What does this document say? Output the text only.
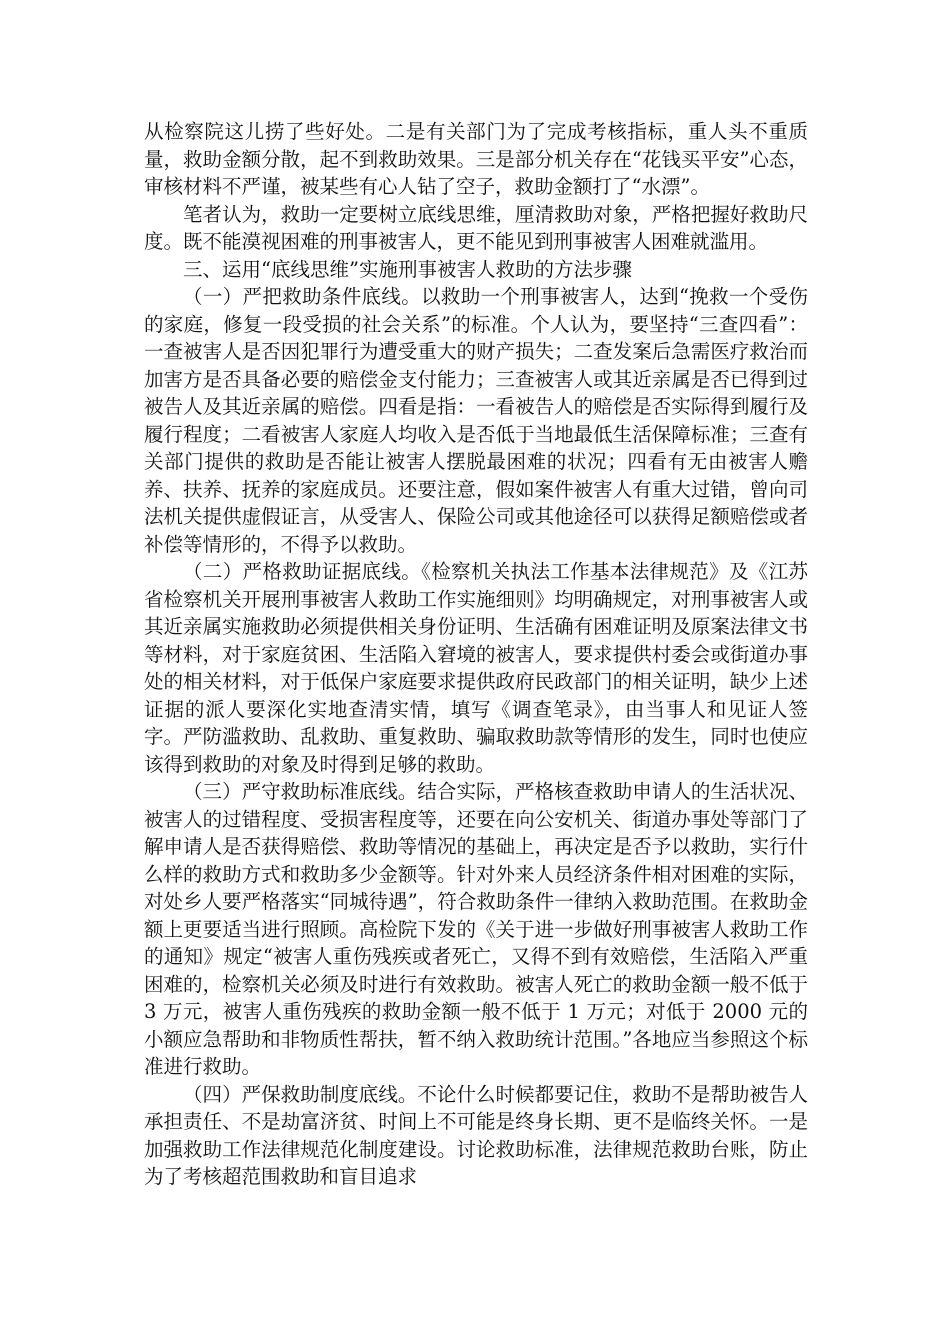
从检察院这儿捞了些好处。二是有关部门为了完成考核指标，重人头不重质量，救助金额分散，起不到救助效果。三是部分机关存在“花钱买平安”心态，审核材料不严谨，被某些有心人钻了空子，救助金额打了“水漂”。

笔者认为，救助一定要树立底线思维，厘清救助对象，严格把握好救助尺度。既不能漠视困难的刑事被害人，更不能见到刑事被害人困难就滥用。

三、运用“底线思维”实施刑事被害人救助的方法步骤

（一）严把救助条件底线。以救助一个刑事被害人，达到“挽救一个受伤的家庭，修复一段受损的社会关系”的标准。个人认为，要坚持“三查四看”：一查被害人是否因犯罪行为遭受重大的财产损失；二查发案后急需医疗救治而加害方是否具备必要的赔偿金支付能力；三查被害人或其近亲属是否已得到过被告人及其近亲属的赔偿。四看是指：一看被告人的赔偿是否实际得到履行及履行程度；二看被害人家庭人均收入是否低于当地最低生活保障标准；三查有关部门提供的救助是否能让被害人摆脱最困难的状况；四看有无由被害人赡养、扶养、抚养的家庭成员。还要注意，假如案件被害人有重大过错，曾向司法机关提供虚假证言，从受害人、保险公司或其他途径可以获得足额赔偿或者补偿等情形的，不得予以救助。

（二）严格救助证据底线。《检察机关执法工作基本法律规范》及《江苏省检察机关开展刑事被害人救助工作实施细则》均明确规定，对刑事被害人或其近亲属实施救助必须提供相关身份证明、生活确有困难证明及原案法律文书等材料，对于家庭贫困、生活陷入窘境的被害人，要求提供村委会或街道办事处的相关材料，对于低保户家庭要求提供政府民政部门的相关证明，缺少上述证据的派人要深化实地查清实情，填写《调查笔录》，由当事人和见证人签字。严防滥救助、乱救助、重复救助、骗取救助款等情形的发生，同时也使应该得到救助的对象及时得到足够的救助。

（三）严守救助标准底线。结合实际，严格核查救助申请人的生活状况、被害人的过错程度、受损害程度等，还要在向公安机关、街道办事处等部门了解申请人是否获得赔偿、救助等情况的基础上，再决定是否予以救助，实行什么样的救助方式和救助多少金额等。针对外来人员经济条件相对困难的实际，对处乡人要严格落实“同城待遇”，符合救助条件一律纳入救助范围。在救助金额上更要适当进行照顾。高检院下发的《关于进一步做好刑事被害人救助工作的通知》规定“被害人重伤残疾或者死亡，又得不到有效赔偿，生活陷入严重困难的，检察机关必须及时进行有效救助。被害人死亡的救助金额一般不低于 3 万元，被害人重伤残疾的救助金额一般不低于 1 万元；对低于 2000 元的小额应急帮助和非物质性帮扶，暂不纳入救助统计范围。”各地应当参照这个标准进行救助。

（四）严保救助制度底线。不论什么时候都要记住，救助不是帮助被告人承担责任、不是劫富济贫、时间上不可能是终身长期、更不是临终关怀。一是加强救助工作法律规范化制度建设。讨论救助标准，法律规范救助台账，防止为了考核超范围救助和盲目追求
